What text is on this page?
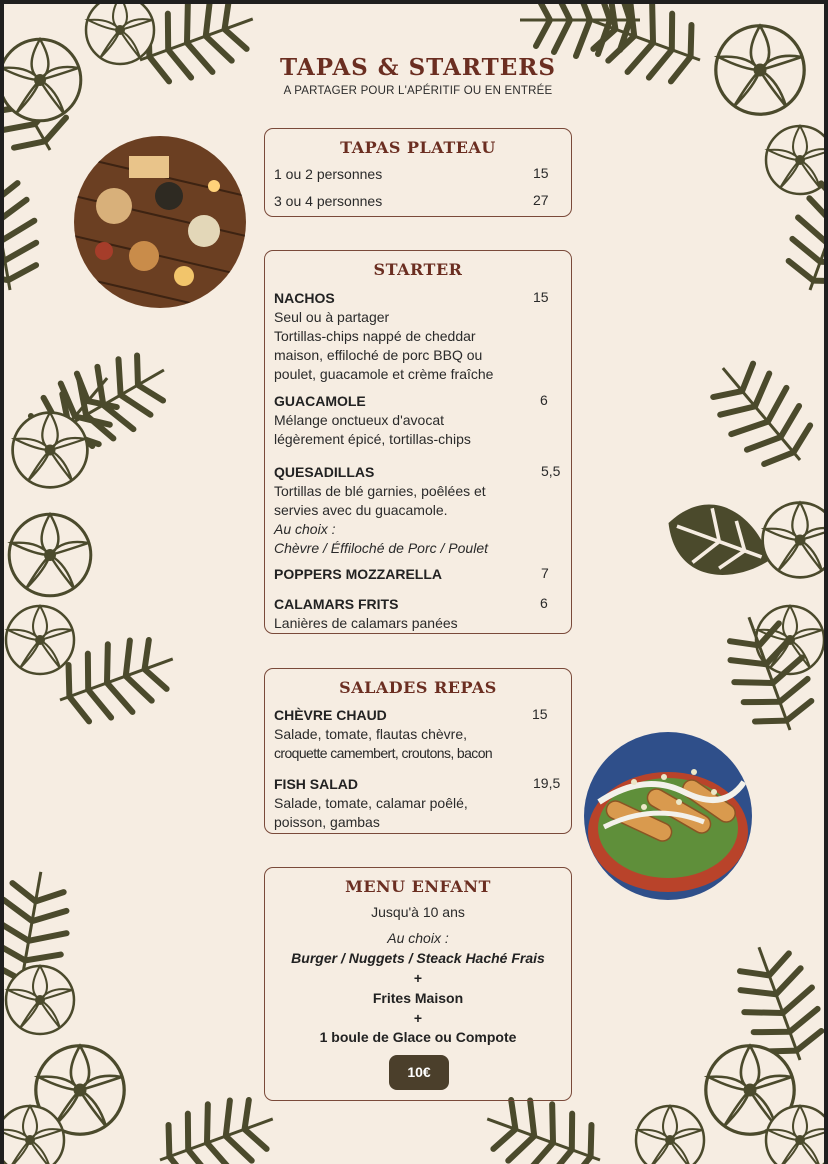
TAPAS & STARTERS
A PARTAGER POUR L'APÉRITIF OU EN ENTRÉE
TAPAS PLATEAU
1 ou 2 personnes	15
3 ou 4 personnes	27
STARTER
NACHOS	15
Seul ou à partager
Tortillas-chips nappé de cheddar
maison, effiloché de porc BBQ ou
poulet, guacamole et crème fraîche
GUACAMOLE	6
Mélange onctueux d'avocat
légèrement épicé, tortillas-chips
QUESADILLAS	5,5
Tortillas de blé garnies, poêlées et
servies avec du guacamole.
Au choix :
Chèvre / Éffiloché de Porc / Poulet
POPPERS MOZZARELLA	7
CALAMARS FRITS	6
Lanières de calamars panées
SALADES REPAS
CHÈVRE CHAUD	15
Salade, tomate, flautas chèvre,
croquette camembert, croutons, bacon
FISH SALAD	19,5
Salade, tomate, calamar poêlé,
poisson, gambas
MENU ENFANT
Jusqu'à 10 ans
Au choix :
Burger / Nuggets / Steack Haché Frais
+
Frites Maison
+
1 boule de Glace ou Compote
10€
